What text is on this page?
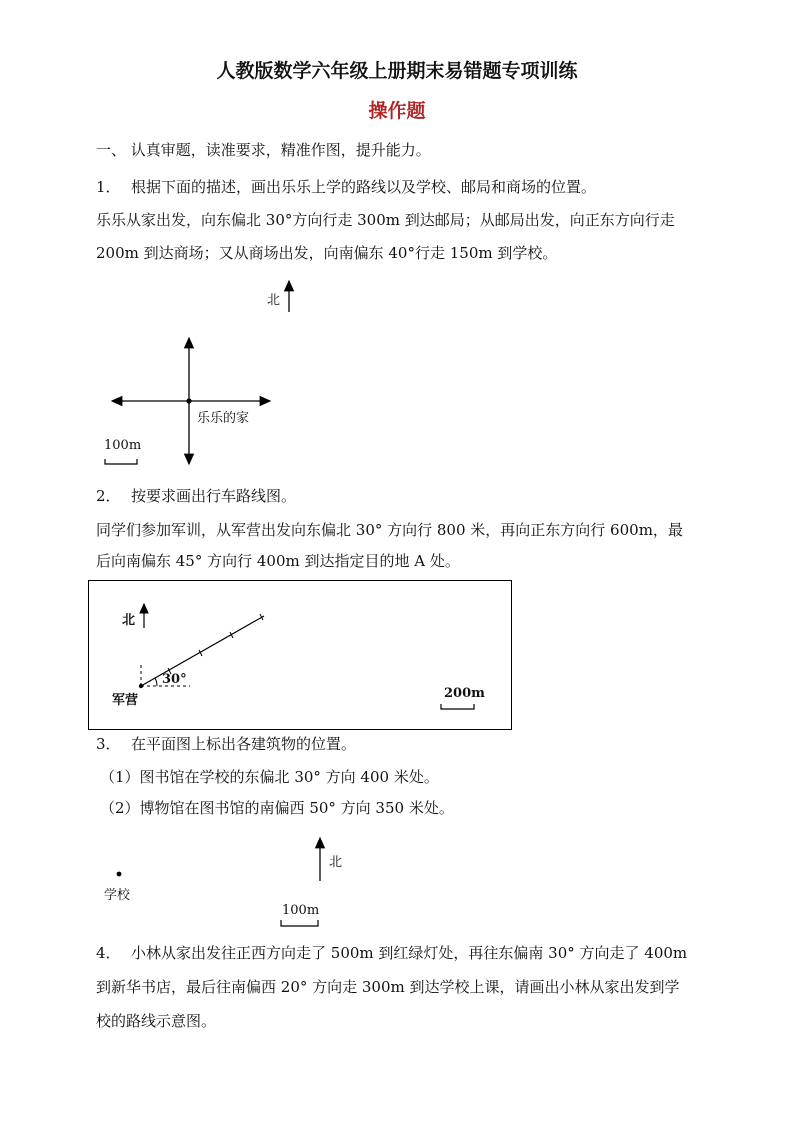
人教版数学六年级上册期末易错题专项训练
操作题
一、 认真审题，读准要求，精准作图，提升能力。
1． 根据下面的描述，画出乐乐上学的路线以及学校、邮局和商场的位置。
乐乐从家出发，向东偏北 30°方向行走 300m 到达邮局；从邮局出发，向正东方向行走
200m 到达商场；又从商场出发，向南偏东 40°行走 150m 到学校。
北
乐乐的家
100m
2． 按要求画出行车路线图。
同学们参加军训，从军营出发向东偏北 30° 方向行 800 米，再向正东方向行 600m，最
后向南偏东 45° 方向行 400m 到达指定目的地 A 处。
北
军营
30°
200m
3． 在平面图上标出各建筑物的位置。
（1）图书馆在学校的东偏北 30° 方向 400 米处。
（2）博物馆在图书馆的南偏西 50° 方向 350 米处。
学校
北
100m
4． 小林从家出发往正西方向走了 500m 到红绿灯处，再往东偏南 30° 方向走了 400m
到新华书店，最后往南偏西 20° 方向走 300m 到达学校上课，请画出小林从家出发到学
校的路线示意图。
